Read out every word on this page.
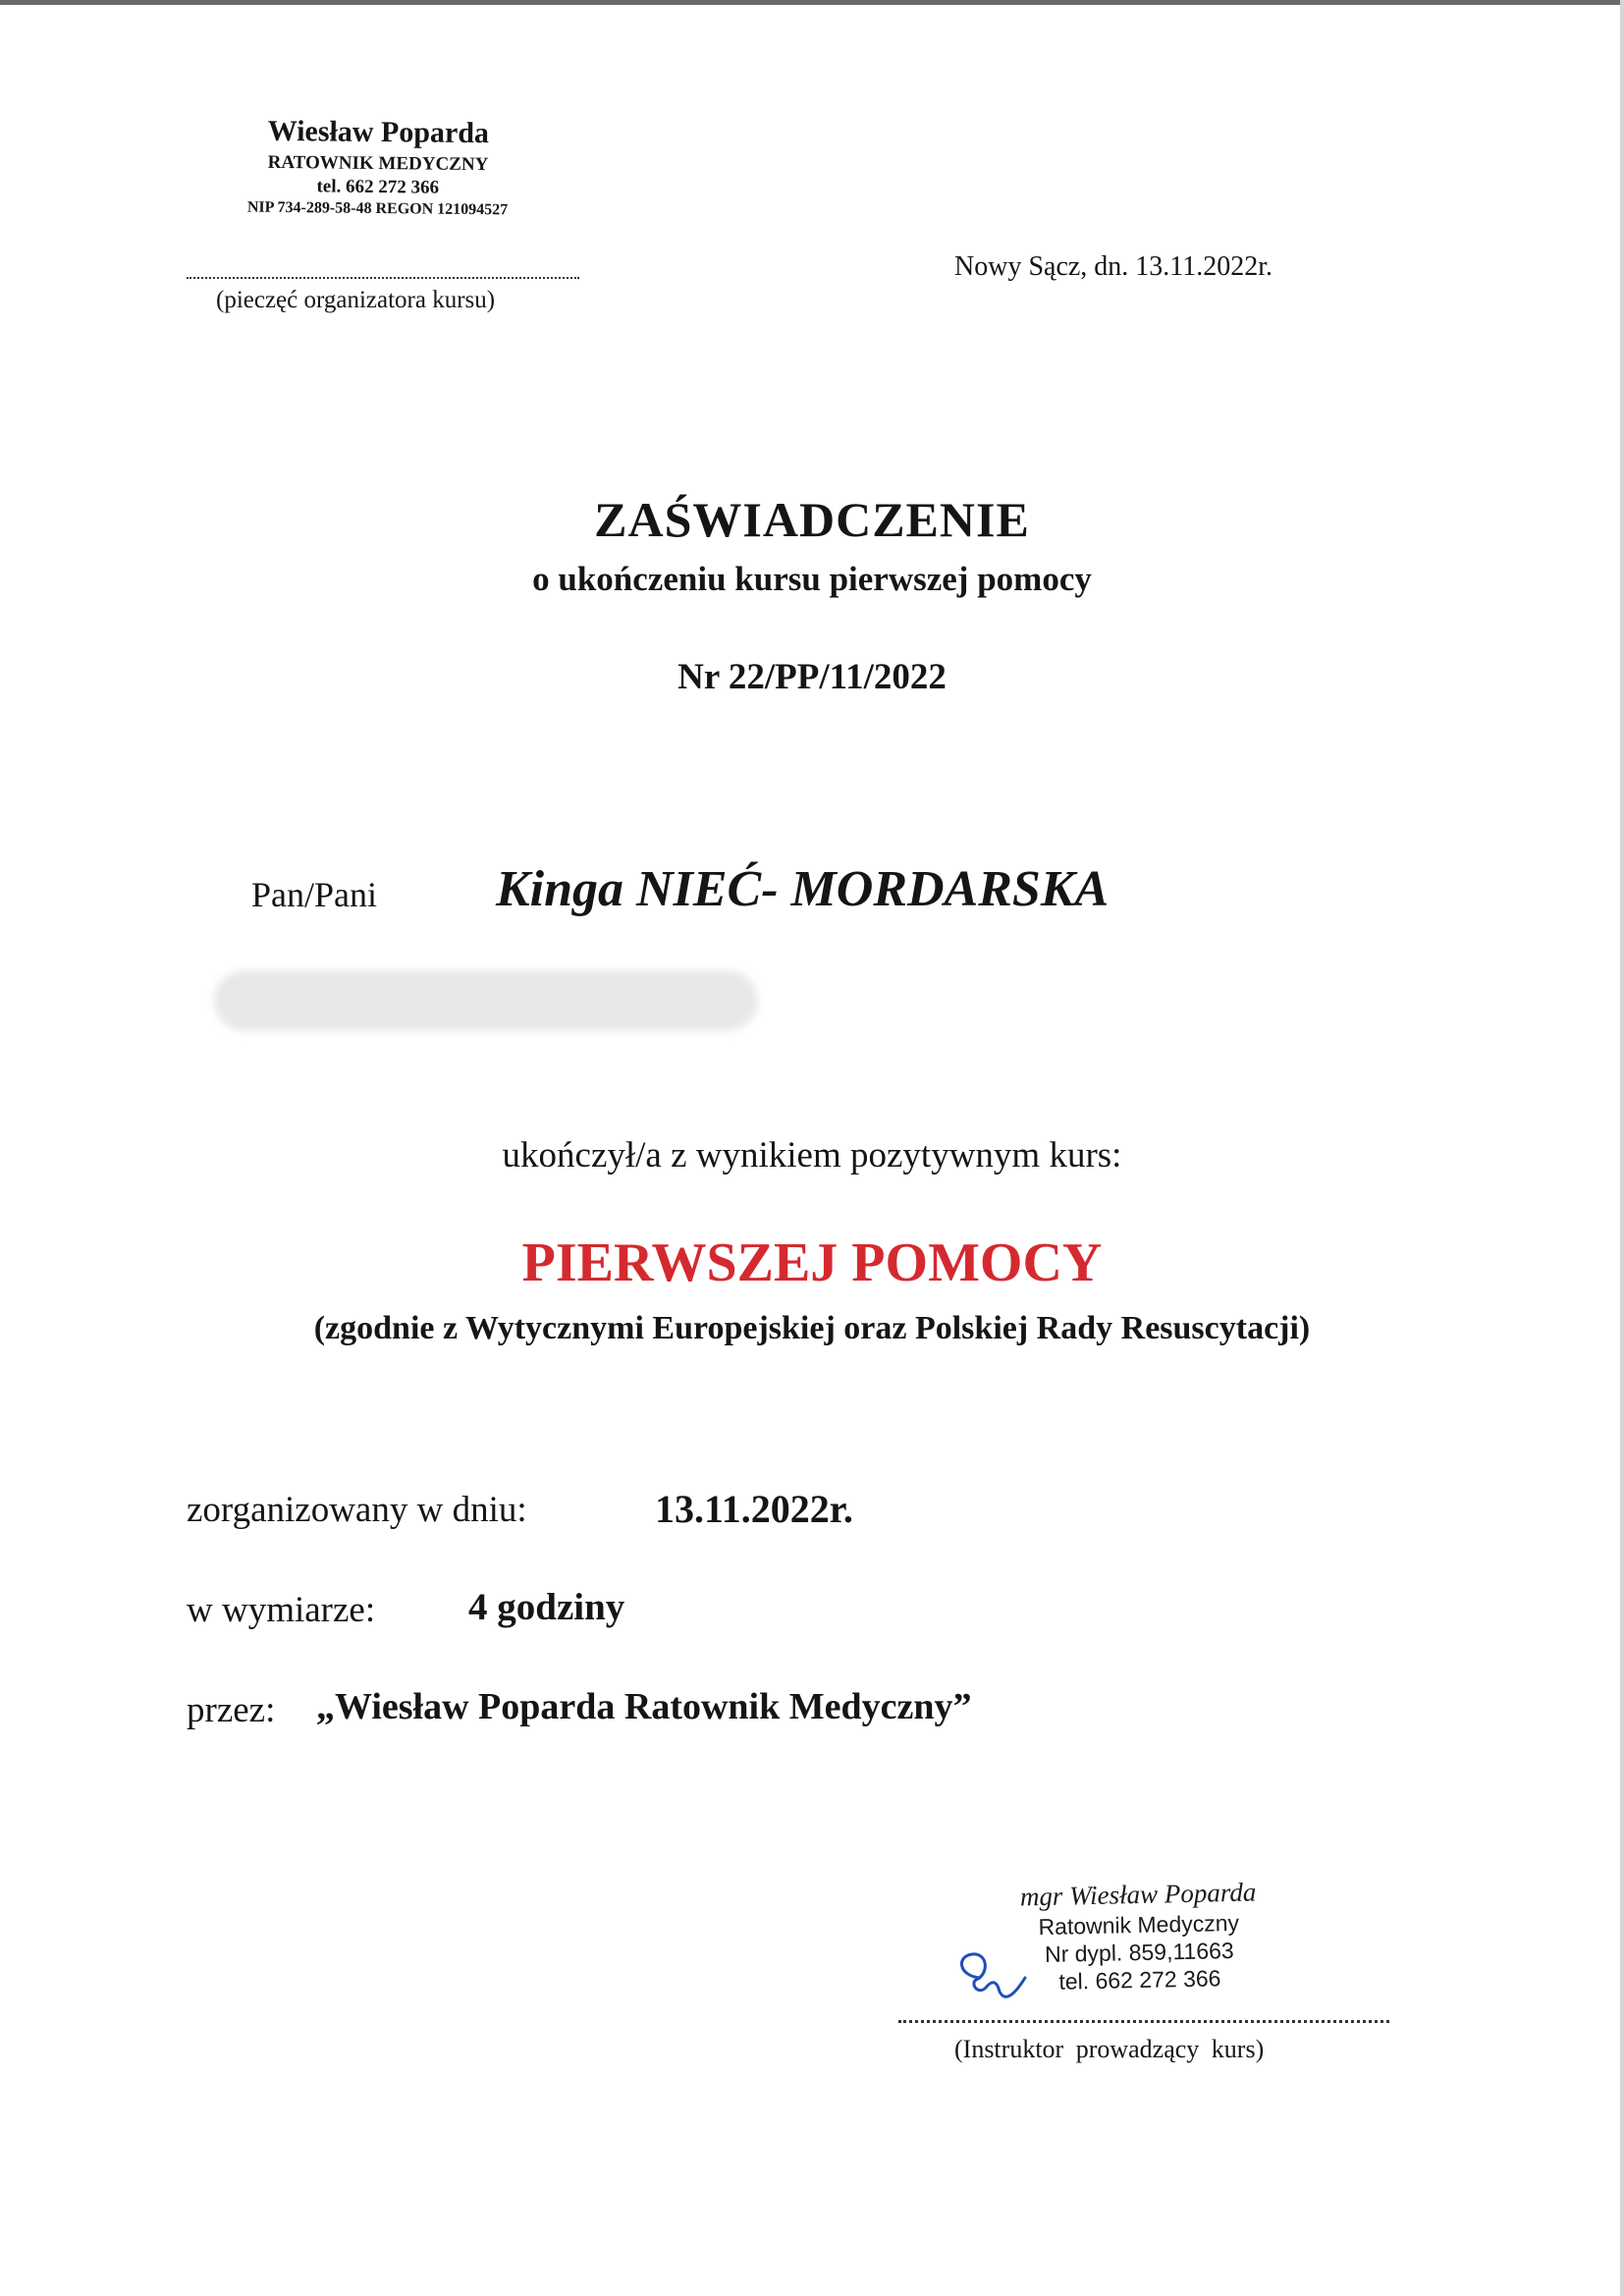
Wiesław Poparda
RATOWNIK MEDYCZNY
tel. 662 272 366
NIP 734-289-58-48 REGON 121094527
(pieczęć organizatora kursu)
Nowy Sącz, dn. 13.11.2022r.
ZAŚWIADCZENIE
o ukończeniu kursu pierwszej pomocy
Nr 22/PP/11/2022
Pan/Pani Kinga NIEĆ- MORDARSKA
ukończył/a z wynikiem pozytywnym kurs:
PIERWSZEJ POMOCY
(zgodnie z Wytycznymi Europejskiej oraz Polskiej Rady Resuscytacji)
zorganizowany w dniu:	13.11.2022r.
w wymiarze: 4 godziny
przez: „Wiesław Poparda Ratownik Medyczny”
mgr Wiesław Poparda
Ratownik Medyczny
Nr dypl. 859,11663
tel. 662 272 366
(Instruktor prowadzący kurs)
